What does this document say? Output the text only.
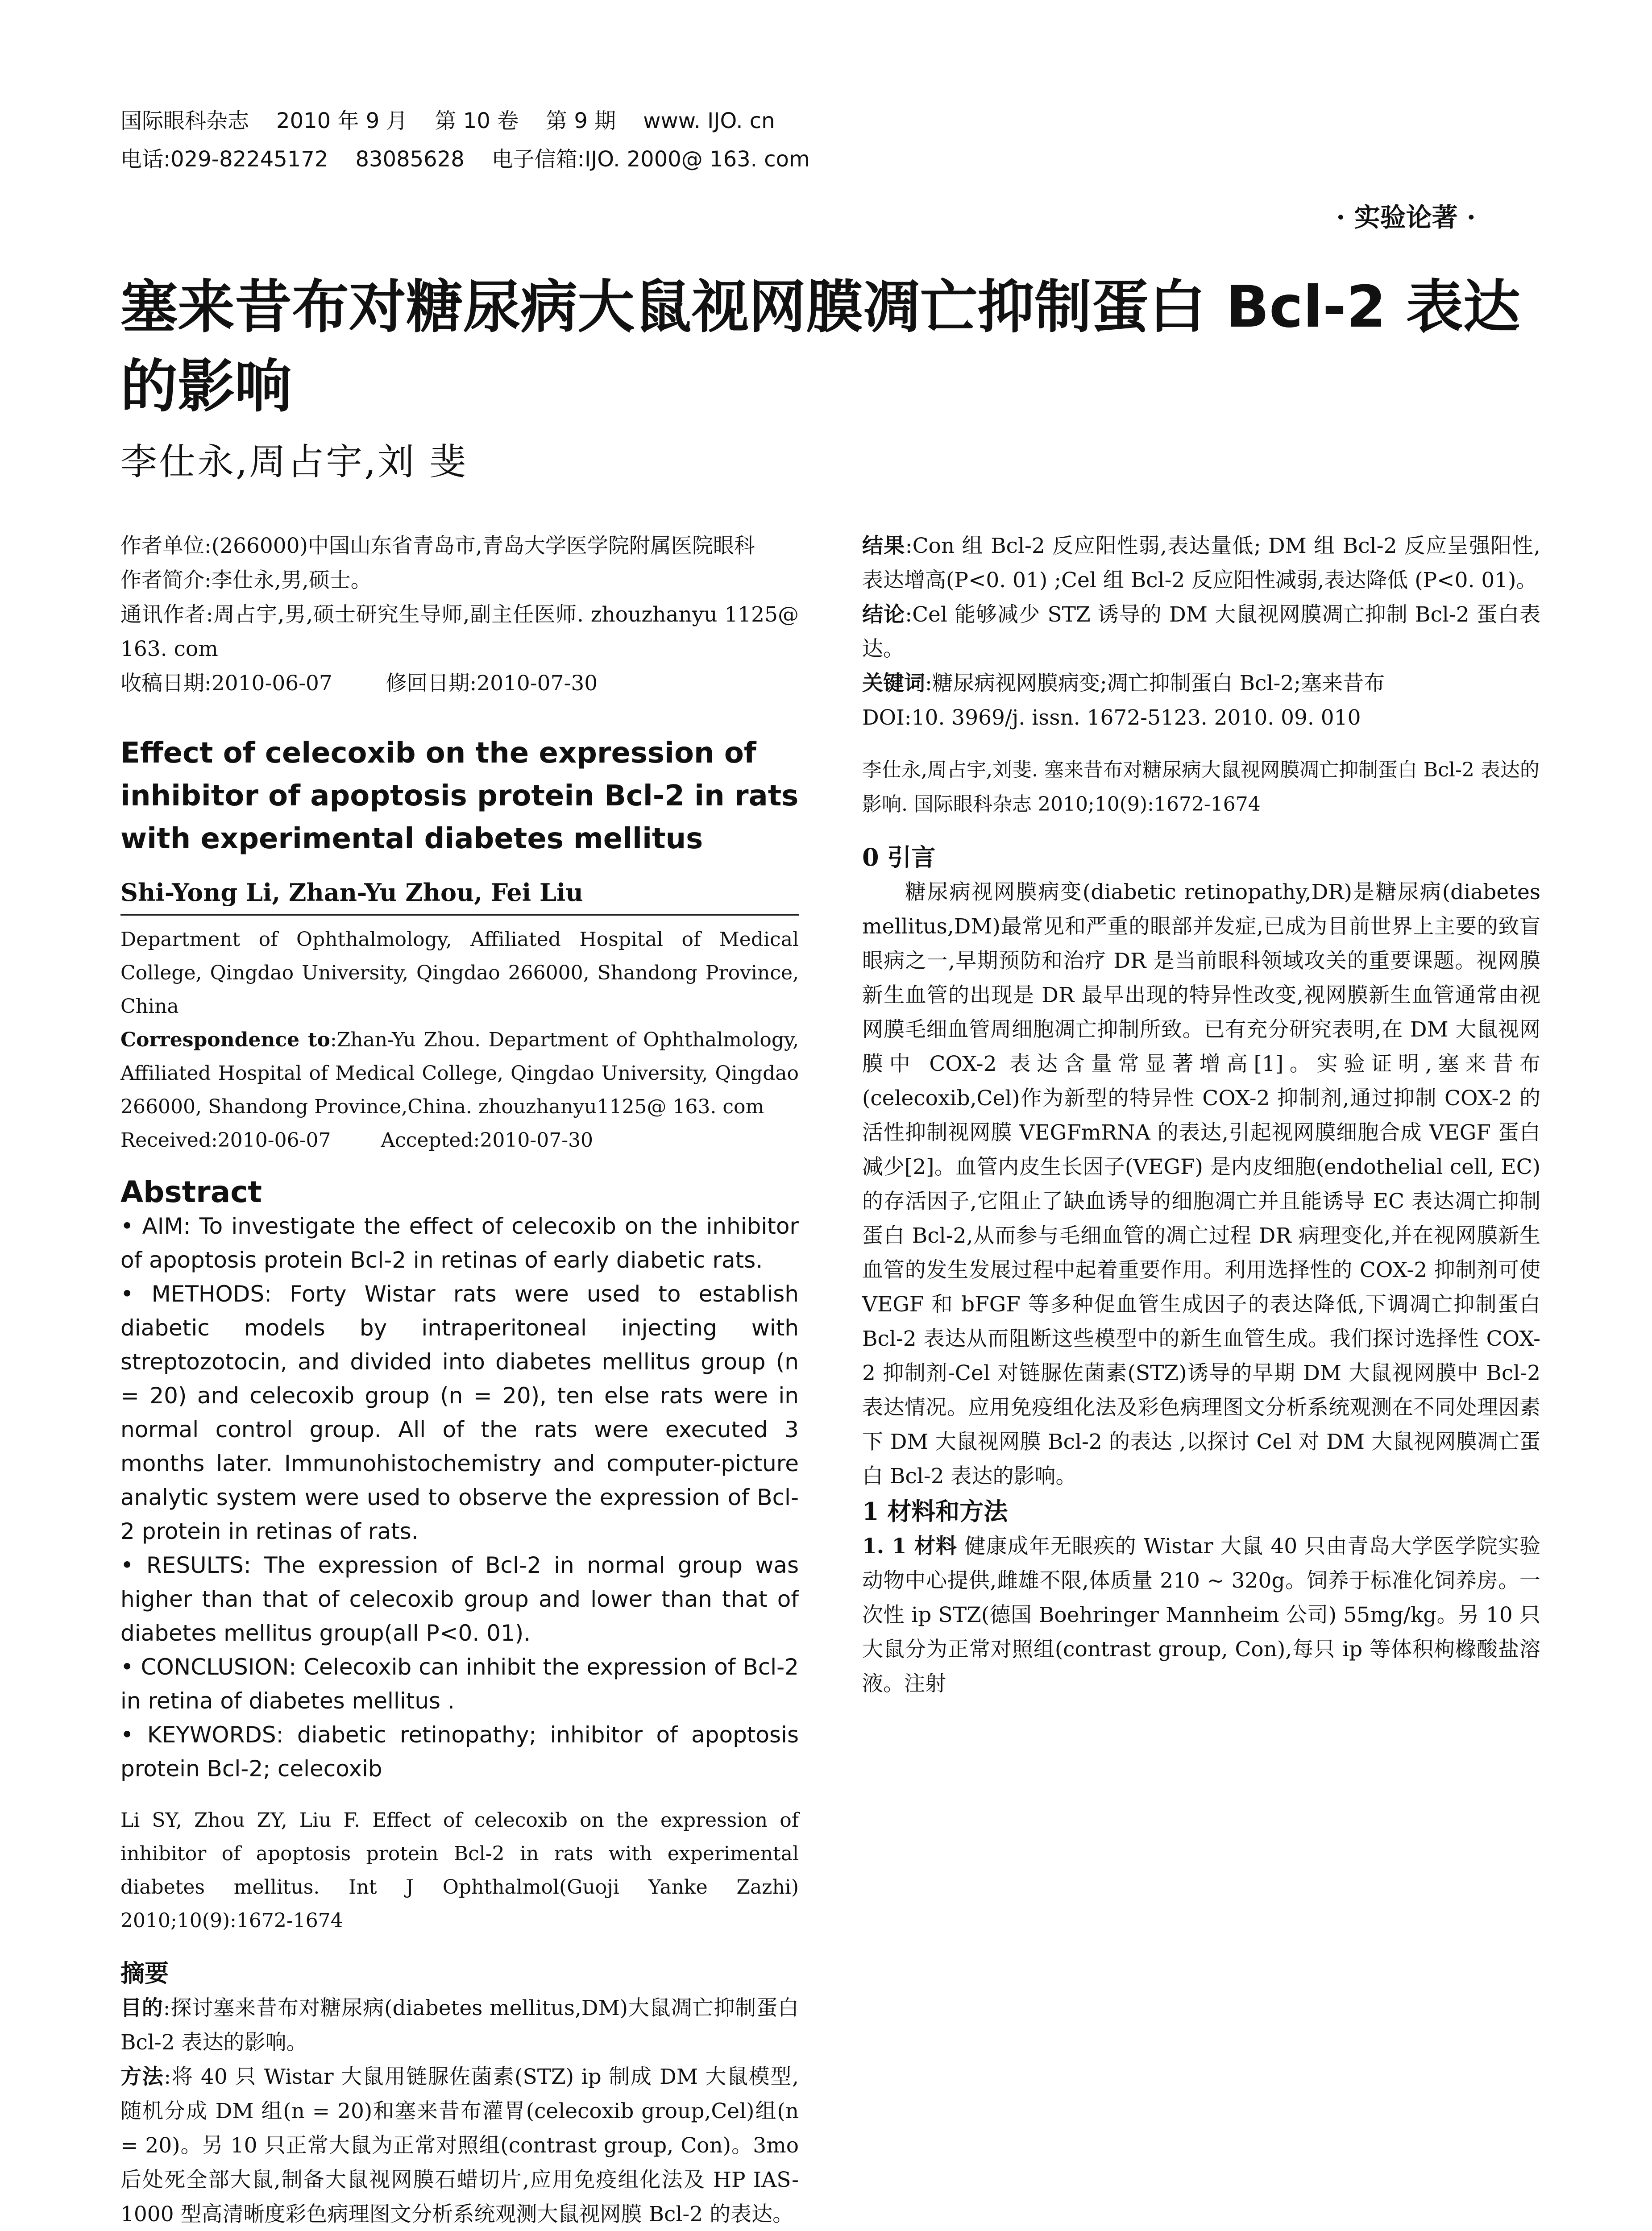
国际眼科杂志    2010 年 9 月    第 10 卷    第 9 期    www. IJO. cn
电话:029-82245172    83085628    电子信箱:IJO. 2000@ 163. com
· 实验论著 ·
塞来昔布对糖尿病大鼠视网膜凋亡抑制蛋白 Bcl-2 表达的影响
李仕永,周占宇,刘 斐
作者单位:(266000)中国山东省青岛市,青岛大学医学院附属医院眼科
作者简介:李仕永,男,硕士。
通讯作者:周占宇,男,硕士研究生导师,副主任医师. zhouzhanyu 1125@ 163. com
收稿日期:2010-06-07        修回日期:2010-07-30
Effect of celecoxib on the expression of inhibitor of apoptosis protein Bcl-2 in rats with experimental diabetes mellitus
Shi-Yong Li, Zhan-Yu Zhou, Fei Liu
Department of Ophthalmology, Affiliated Hospital of Medical College, Qingdao University, Qingdao 266000, Shandong Province, China
Correspondence to:Zhan-Yu Zhou. Department of Ophthalmology, Affiliated Hospital of Medical College, Qingdao University, Qingdao 266000, Shandong Province,China. zhouzhanyu1125@ 163. com
Received:2010-06-07        Accepted:2010-07-30
Abstract
• AIM: To investigate the effect of celecoxib on the inhibitor of apoptosis protein Bcl-2 in retinas of early diabetic rats.
• METHODS: Forty Wistar rats were used to establish diabetic models by intraperitoneal injecting with streptozotocin, and divided into diabetes mellitus group (n = 20) and celecoxib group (n = 20), ten else rats were in normal control group. All of the rats were executed 3 months later. Immunohistochemistry and computer-picture analytic system were used to observe the expression of Bcl-2 protein in retinas of rats.
• RESULTS: The expression of Bcl-2 in normal group was higher than that of celecoxib group and lower than that of diabetes mellitus group(all P<0. 01).
• CONCLUSION: Celecoxib can inhibit the expression of Bcl-2 in retina of diabetes mellitus .
• KEYWORDS: diabetic retinopathy; inhibitor of apoptosis protein Bcl-2; celecoxib
Li SY, Zhou ZY, Liu F. Effect of celecoxib on the expression of inhibitor of apoptosis protein Bcl-2 in rats with experimental diabetes mellitus. Int J Ophthalmol(Guoji Yanke Zazhi) 2010;10(9):1672-1674
摘要
目的:探讨塞来昔布对糖尿病(diabetes mellitus,DM)大鼠凋亡抑制蛋白 Bcl-2 表达的影响。
方法:将 40 只 Wistar 大鼠用链脲佐菌素(STZ) ip 制成 DM 大鼠模型,随机分成 DM 组(n = 20)和塞来昔布灌胃(celecoxib group,Cel)组(n = 20)。另 10 只正常大鼠为正常对照组(contrast group, Con)。3mo 后处死全部大鼠,制备大鼠视网膜石蜡切片,应用免疫组化法及 HP IAS-1000 型高清晰度彩色病理图文分析系统观测大鼠视网膜 Bcl-2 的表达。
结果:Con 组 Bcl-2 反应阳性弱,表达量低; DM 组 Bcl-2 反应呈强阳性,表达增高(P<0. 01) ;Cel 组 Bcl-2 反应阳性减弱,表达降低 (P<0. 01)。
结论:Cel 能够减少 STZ 诱导的 DM 大鼠视网膜凋亡抑制 Bcl-2 蛋白表达。
关键词:糖尿病视网膜病变;凋亡抑制蛋白 Bcl-2;塞来昔布
DOI:10. 3969/j. issn. 1672-5123. 2010. 09. 010
李仕永,周占宇,刘斐. 塞来昔布对糖尿病大鼠视网膜凋亡抑制蛋白 Bcl-2 表达的影响. 国际眼科杂志 2010;10(9):1672-1674
0 引言
糖尿病视网膜病变(diabetic retinopathy,DR)是糖尿病(diabetes mellitus,DM)最常见和严重的眼部并发症,已成为目前世界上主要的致盲眼病之一,早期预防和治疗 DR 是当前眼科领域攻关的重要课题。视网膜新生血管的出现是 DR 最早出现的特异性改变,视网膜新生血管通常由视网膜毛细血管周细胞凋亡抑制所致。已有充分研究表明,在 DM 大鼠视网膜中 COX-2 表达含量常显著增高[1]。实验证明,塞来昔布(celecoxib,Cel)作为新型的特异性 COX-2 抑制剂,通过抑制 COX-2 的活性抑制视网膜 VEGFmRNA 的表达,引起视网膜细胞合成 VEGF 蛋白减少[2]。血管内皮生长因子(VEGF) 是内皮细胞(endothelial cell, EC)的存活因子,它阻止了缺血诱导的细胞凋亡并且能诱导 EC 表达凋亡抑制蛋白 Bcl-2,从而参与毛细血管的凋亡过程 DR 病理变化,并在视网膜新生血管的发生发展过程中起着重要作用。利用选择性的 COX-2 抑制剂可使 VEGF 和 bFGF 等多种促血管生成因子的表达降低,下调凋亡抑制蛋白 Bcl-2 表达从而阻断这些模型中的新生血管生成。我们探讨选择性 COX-2 抑制剂-Cel 对链脲佐菌素(STZ)诱导的早期 DM 大鼠视网膜中 Bcl-2 表达情况。应用免疫组化法及彩色病理图文分析系统观测在不同处理因素下 DM 大鼠视网膜 Bcl-2 的表达 ,以探讨 Cel 对 DM 大鼠视网膜凋亡蛋白 Bcl-2 表达的影响。
1 材料和方法
1. 1 材料 健康成年无眼疾的 Wistar 大鼠 40 只由青岛大学医学院实验动物中心提供,雌雄不限,体质量 210 ~ 320g。饲养于标准化饲养房。一次性 ip STZ(德国 Boehringer Mannheim 公司) 55mg/kg。另 10 只大鼠分为正常对照组(contrast group, Con),每只 ip 等体积枸橼酸盐溶液。注射
